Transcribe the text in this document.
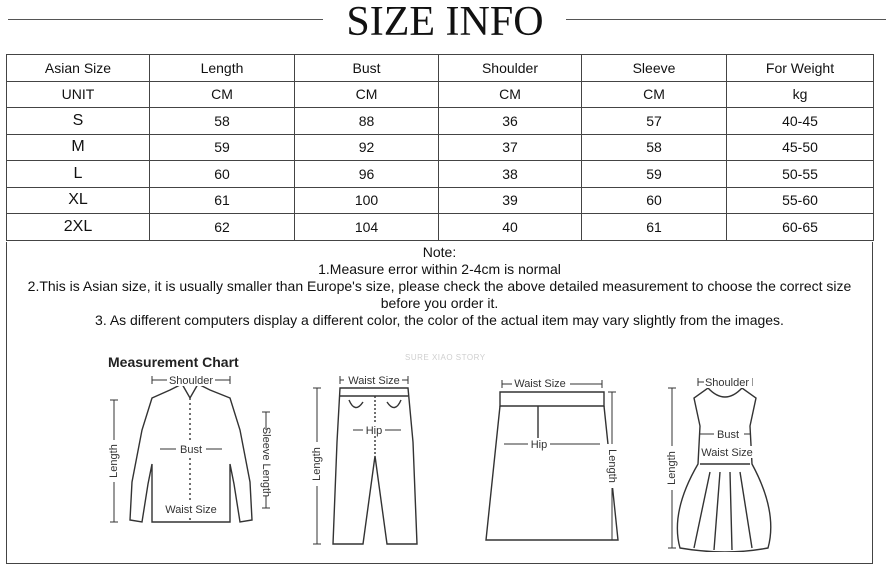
SIZE INFO
Asian Size	Length	Bust	Shoulder	Sleeve	For Weight
UNIT	CM	CM	CM	CM	kg
S	58	88	36	57	40-45
M	59	92	37	58	45-50
L	60	96	38	59	50-55
XL	61	100	39	60	55-60
2XL	62	104	40	61	60-65
Note:
1.Measure error within 2-4cm is normal
2.This is Asian size, it is usually smaller than Europe's size, please check the above detailed measurement to choose the correct size
before you order it.
3. As different computers display a different color, the color of the actual item may vary slightly from the images.
Measurement Chart	SURE XIAO STORY
Shoulder
Bust
Waist Size
Length	Sleeve Length
Waist Size
Hip
Length
Waist Size
Hip
Length
Shoulder
Bust
Waist Size
Length
